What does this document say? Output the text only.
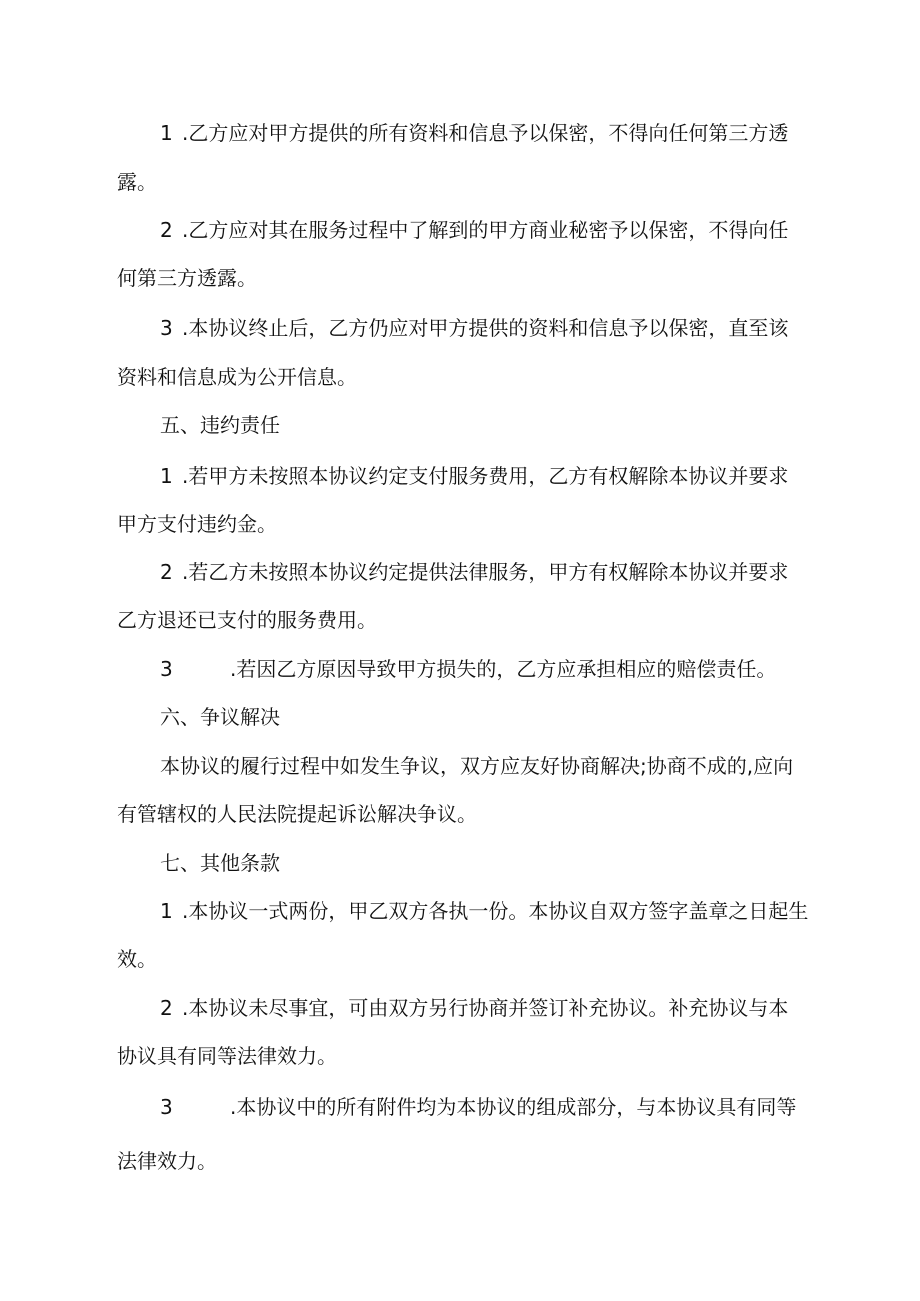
1 .乙方应对甲方提供的所有资料和信息予以保密，不得向任何第三方透
露。
2 .乙方应对其在服务过程中了解到的甲方商业秘密予以保密，不得向任
何第三方透露。
3 .本协议终止后，乙方仍应对甲方提供的资料和信息予以保密，直至该
资料和信息成为公开信息。
五、违约责任
1 .若甲方未按照本协议约定支付服务费用，乙方有权解除本协议并要求
甲方支付违约金。
2 .若乙方未按照本协议约定提供法律服务，甲方有权解除本协议并要求
乙方退还已支付的服务费用。
3	.若因乙方原因导致甲方损失的，乙方应承担相应的赔偿责任。
六、争议解决
本协议的履行过程中如发生争议，双方应友好协商解决;协商不成的,应向
有管辖权的人民法院提起诉讼解决争议。
七、其他条款
1 .本协议一式两份，甲乙双方各执一份。本协议自双方签字盖章之日起生
效。
2 .本协议未尽事宜，可由双方另行协商并签订补充协议。补充协议与本
协议具有同等法律效力。
3	.本协议中的所有附件均为本协议的组成部分，与本协议具有同等
法律效力。
